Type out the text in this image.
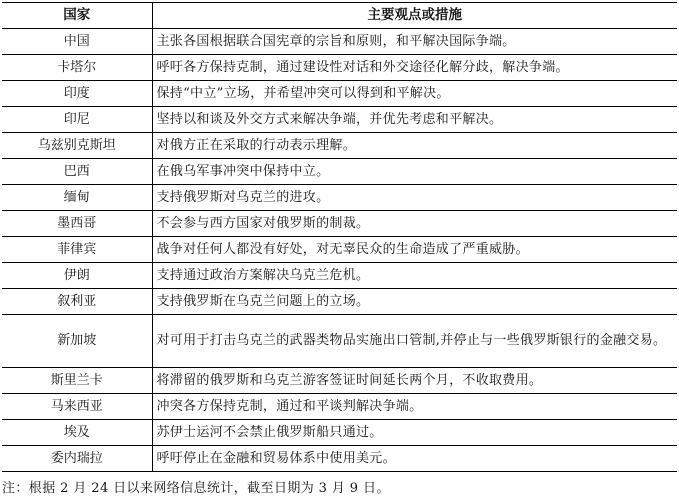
国家	主要观点或措施
中国	主张各国根据联合国宪章的宗旨和原则，和平解决国际争端。
卡塔尔	呼吁各方保持克制，通过建设性对话和外交途径化解分歧，解决争端。
印度	保持“中立”立场，并希望冲突可以得到和平解决。
印尼	坚持以和谈及外交方式来解决争端，并优先考虑和平解决。
乌兹别克斯坦	对俄方正在采取的行动表示理解。
巴西	在俄乌军事冲突中保持中立。
缅甸	支持俄罗斯对乌克兰的进攻。
墨西哥	不会参与西方国家对俄罗斯的制裁。
菲律宾	战争对任何人都没有好处，对无辜民众的生命造成了严重威胁。
伊朗	支持通过政治方案解决乌克兰危机。
叙利亚	支持俄罗斯在乌克兰问题上的立场。
新加坡	对可用于打击乌克兰的武器类物品实施出口管制,并停止与一些俄罗斯银行的金融交易。
斯里兰卡	将滞留的俄罗斯和乌克兰游客签证时间延长两个月，不收取费用。
马来西亚	冲突各方保持克制，通过和平谈判解决争端。
埃及	苏伊士运河不会禁止俄罗斯船只通过。
委内瑞拉	呼吁停止在金融和贸易体系中使用美元。
注：根据 2 月 24 日以来网络信息统计，截至日期为 3 月 9 日。
